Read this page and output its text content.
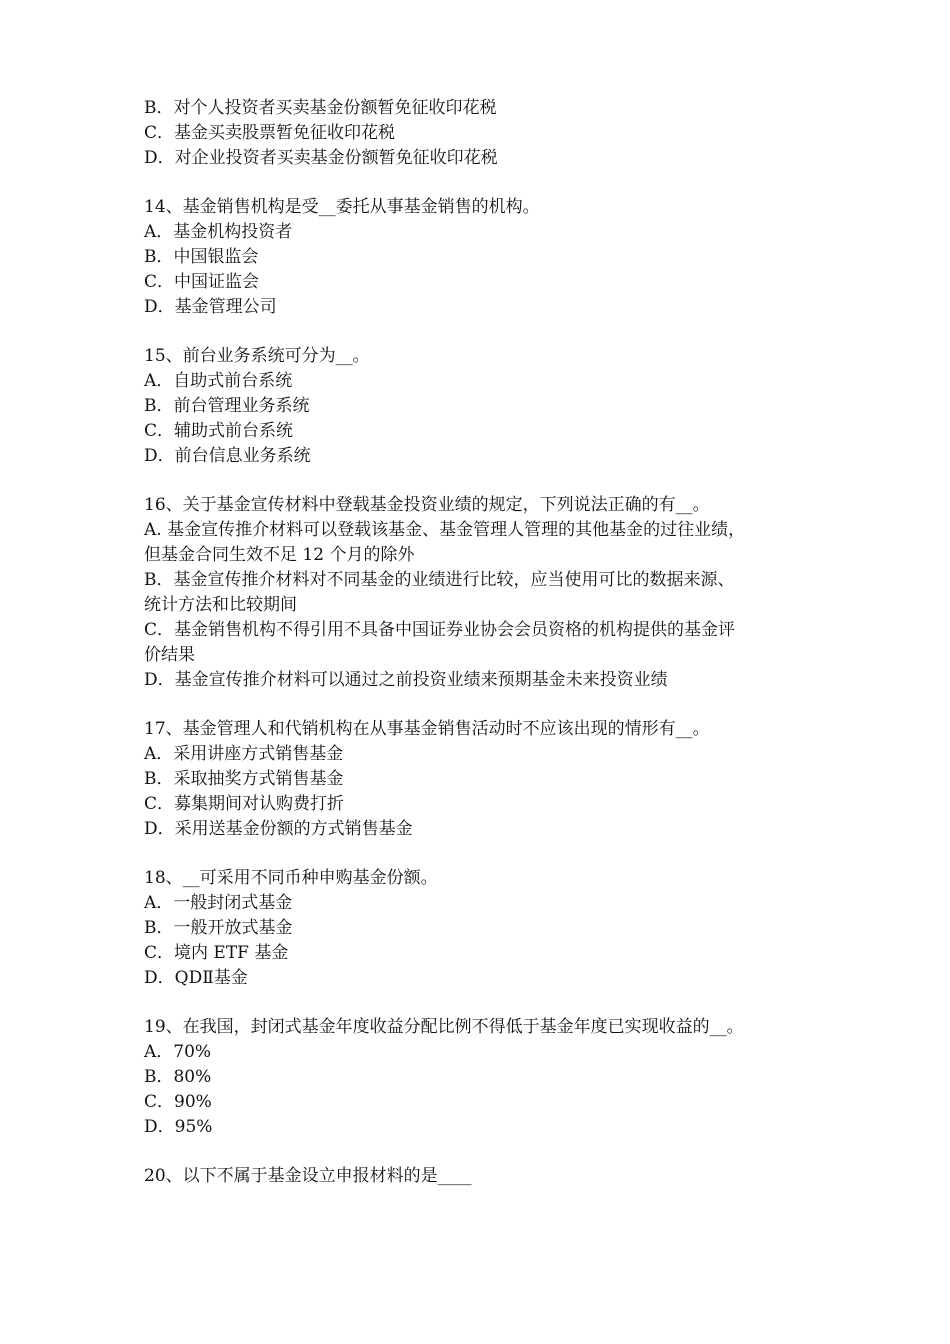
B．对个人投资者买卖基金份额暂免征收印花税
C．基金买卖股票暂免征收印花税
D．对企业投资者买卖基金份额暂免征收印花税
14、基金销售机构是受__委托从事基金销售的机构。
A．基金机构投资者
B．中国银监会
C．中国证监会
D．基金管理公司
15、前台业务系统可分为__。
A．自助式前台系统
B．前台管理业务系统
C．辅助式前台系统
D．前台信息业务系统
16、关于基金宣传材料中登载基金投资业绩的规定，下列说法正确的有__。
A. 基金宣传推介材料可以登载该基金、基金管理人管理的其他基金的过往业绩，
但基金合同生效不足 12 个月的除外
B．基金宣传推介材料对不同基金的业绩进行比较，应当使用可比的数据来源、
统计方法和比较期间
C．基金销售机构不得引用不具备中国证券业协会会员资格的机构提供的基金评
价结果
D．基金宣传推介材料可以通过之前投资业绩来预期基金未来投资业绩
17、基金管理人和代销机构在从事基金销售活动时不应该出现的情形有__。
A．采用讲座方式销售基金
B．采取抽奖方式销售基金
C．募集期间对认购费打折
D．采用送基金份额的方式销售基金
18、__可采用不同币种申购基金份额。
A．一般封闭式基金
B．一般开放式基金
C．境内 ETF 基金
D．QDⅡ基金
19、在我国，封闭式基金年度收益分配比例不得低于基金年度已实现收益的__。
A．70%
B．80%
C．90%
D．95%
20、以下不属于基金设立申报材料的是____
